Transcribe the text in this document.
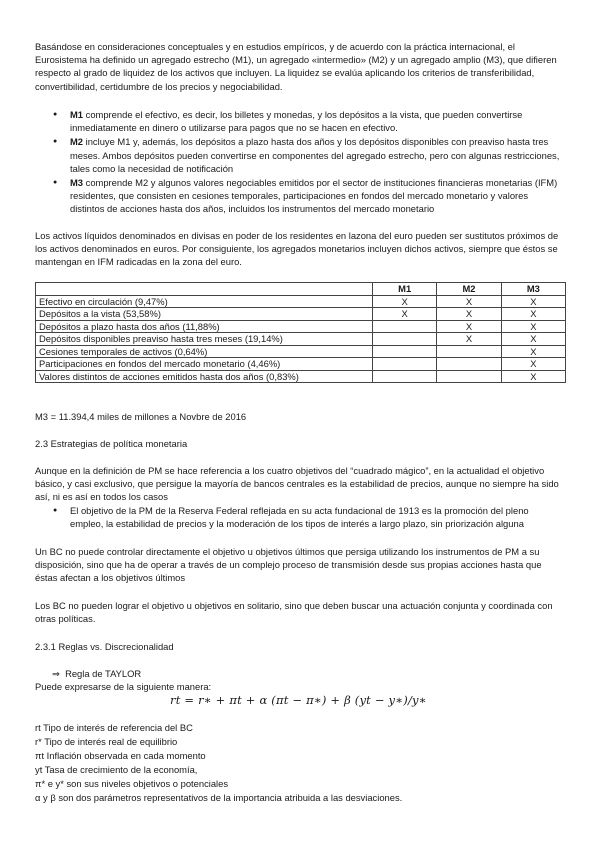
Basándose en consideraciones conceptuales y en estudios empíricos, y de acuerdo con la práctica internacional, el Eurosistema ha definido un agregado estrecho (M1), un agregado «intermedio» (M2) y un agregado amplio (M3), que difieren respecto al grado de liquidez de los activos que incluyen. La liquidez se evalúa aplicando los criterios de transferibilidad, convertibilidad, certidumbre de los precios y negociabilidad.

● M1 comprende el efectivo, es decir, los billetes y monedas, y los depósitos a la vista, que pueden convertirse inmediatamente en dinero o utilizarse para pagos que no se hacen en efectivo.
● M2 incluye M1 y, además, los depósitos a plazo hasta dos años y los depósitos disponibles con preaviso hasta tres meses. Ambos depósitos pueden convertirse en componentes del agregado estrecho, pero con algunas restricciones, tales como la necesidad de notificación
● M3 comprende M2 y algunos valores negociables emitidos por el sector de instituciones financieras monetarias (IFM) residentes, que consisten en cesiones temporales, participaciones en fondos del mercado monetario y valores distintos de acciones hasta dos años, incluidos los instrumentos del mercado monetario

Los activos líquidos denominados en divisas en poder de los residentes en lazona del euro pueden ser sustitutos próximos de los activos denominados en euros. Por consiguiente, los agregados monetarios incluyen dichos activos, siempre que éstos se mantengan en IFM radicadas en la zona del euro.

	M1	M2	M3
Efectivo en circulación (9,47%)	X	X	X
Depósitos a la vista (53,58%)	X	X	X
Depósitos a plazo hasta dos años (11,88%)		X	X
Depósitos disponibles preaviso hasta tres meses (19,14%)		X	X
Cesiones temporales de activos (0,64%)			X
Participaciones en fondos del mercado monetario (4,46%)			X
Valores distintos de acciones emitidos hasta dos años (0,83%)			X

M3 = 11.394,4 miles de millones a Novbre de 2016

2.3 Estrategias de política monetaria

Aunque en la definición de PM se hace referencia a los cuatro objetivos del “cuadrado mágico”, en la actualidad el objetivo básico, y casi exclusivo, que persigue la mayoría de bancos centrales es la estabilidad de precios, aunque no siempre ha sido así, ni es así en todos los casos

● El objetivo de la PM de la Reserva Federal reflejada en su acta fundacional de 1913 es la promoción del pleno empleo, la estabilidad de precios y la moderación de los tipos de interés a largo plazo, sin priorización alguna

Un BC no puede controlar directamente el objetivo u objetivos últimos que persiga utilizando los instrumentos de PM a su disposición, sino que ha de operar a través de un complejo proceso de transmisión desde sus propias acciones hasta que éstas afectan a los objetivos últimos

Los BC no pueden lograr el objetivo u objetivos en solitario, sino que deben buscar una actuación conjunta y coordinada con otras políticas.

2.3.1 Reglas vs. Discrecionalidad

⇒ Regla de TAYLOR

Puede expresarse de la siguiente manera:

rt = r∗ + πt + α (πt − π∗) + β (yt − y∗)/y∗
rt Tipo de interés de referencia del BC
r* Tipo de interés real de equilibrio
πt Inflación observada en cada momento
yt Tasa de crecimiento de la economía,
π* e y* son sus niveles objetivos o potenciales
α y β son dos parámetros representativos de la importancia atribuida a las desviaciones.
